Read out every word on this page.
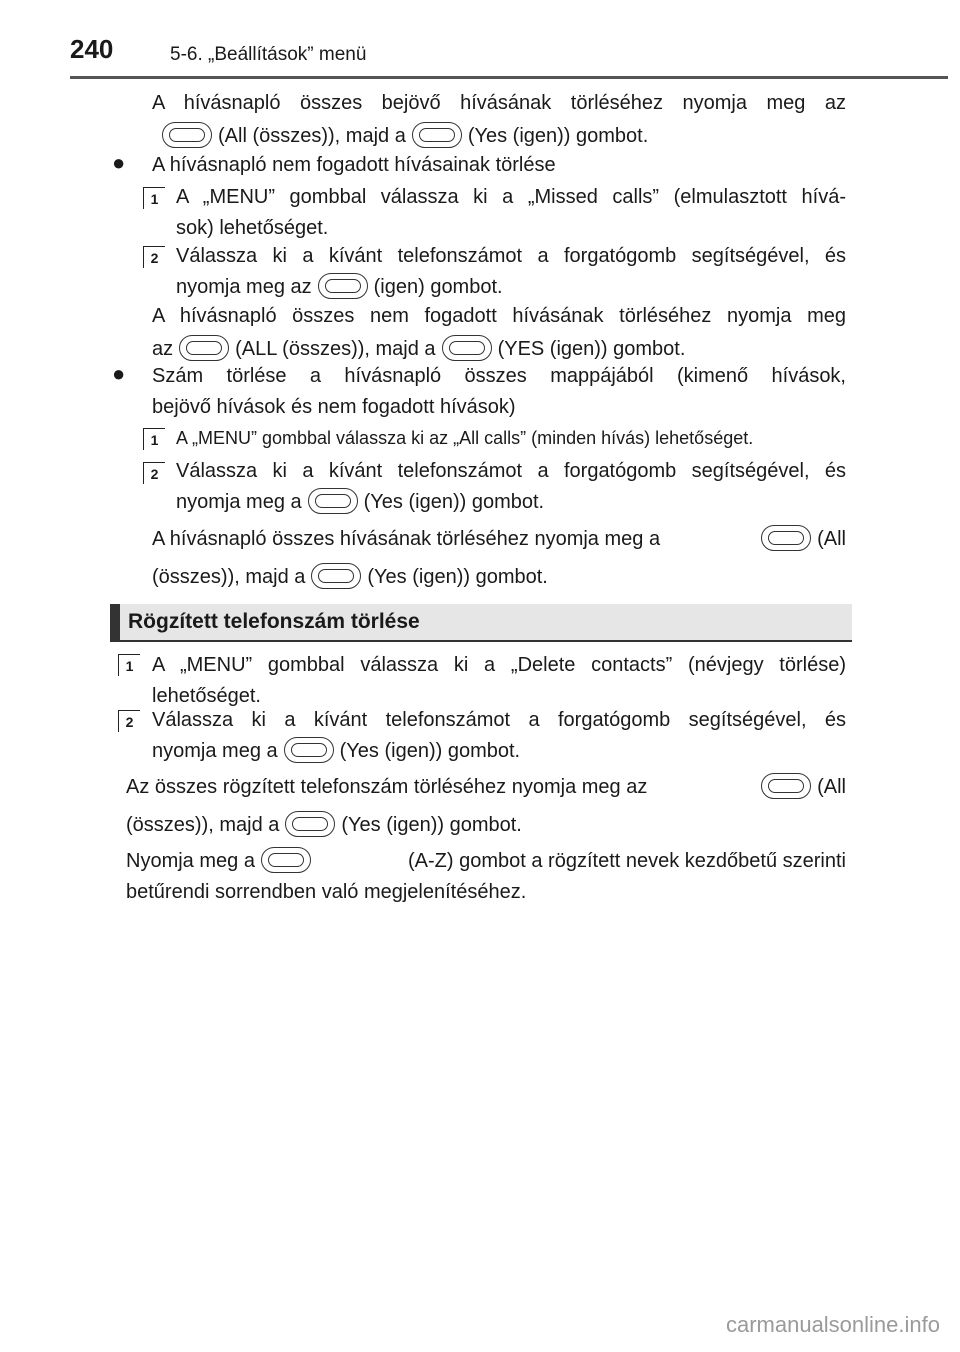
240	5-6. „Beállítások” menü
A hívásnapló összes bejövő hívásának törléséhez nyomja meg az
(All (összes)), majd a	(Yes (igen)) gombot.
● A hívásnapló nem fogadott hívásainak törlése
1 A „MENU” gombbal válassza ki a „Missed calls” (elmulasztott hívá-
sok) lehetőséget.
2 Válassza ki a kívánt telefonszámot a forgatógomb segítségével, és
nyomja meg az	(igen) gombot.
A hívásnapló összes nem fogadott hívásának törléséhez nyomja meg
az	(ALL (összes)), majd a	(YES (igen)) gombot.
● Szám törlése a hívásnapló összes mappájából (kimenő hívások,
bejövő hívások és nem fogadott hívások)
1 A „MENU” gombbal válassza ki az „All calls” (minden hívás) lehetőséget.
2 Válassza ki a kívánt telefonszámot a forgatógomb segítségével, és
nyomja meg a	(Yes (igen)) gombot.
A hívásnapló összes hívásának törléséhez nyomja meg a	(All
(összes)), majd a	(Yes (igen)) gombot.
Rögzített telefonszám törlése
1 A „MENU” gombbal válassza ki a „Delete contacts” (névjegy törlése)
lehetőséget.
2 Válassza ki a kívánt telefonszámot a forgatógomb segítségével, és
nyomja meg a	(Yes (igen)) gombot.
Az összes rögzített telefonszám törléséhez nyomja meg az	(All
(összes)), majd a	(Yes (igen)) gombot.
Nyomja meg a	(A-Z) gombot a rögzített nevek kezdőbetű szerinti
betűrendi sorrendben való megjelenítéséhez.
carmanualsonline.info
